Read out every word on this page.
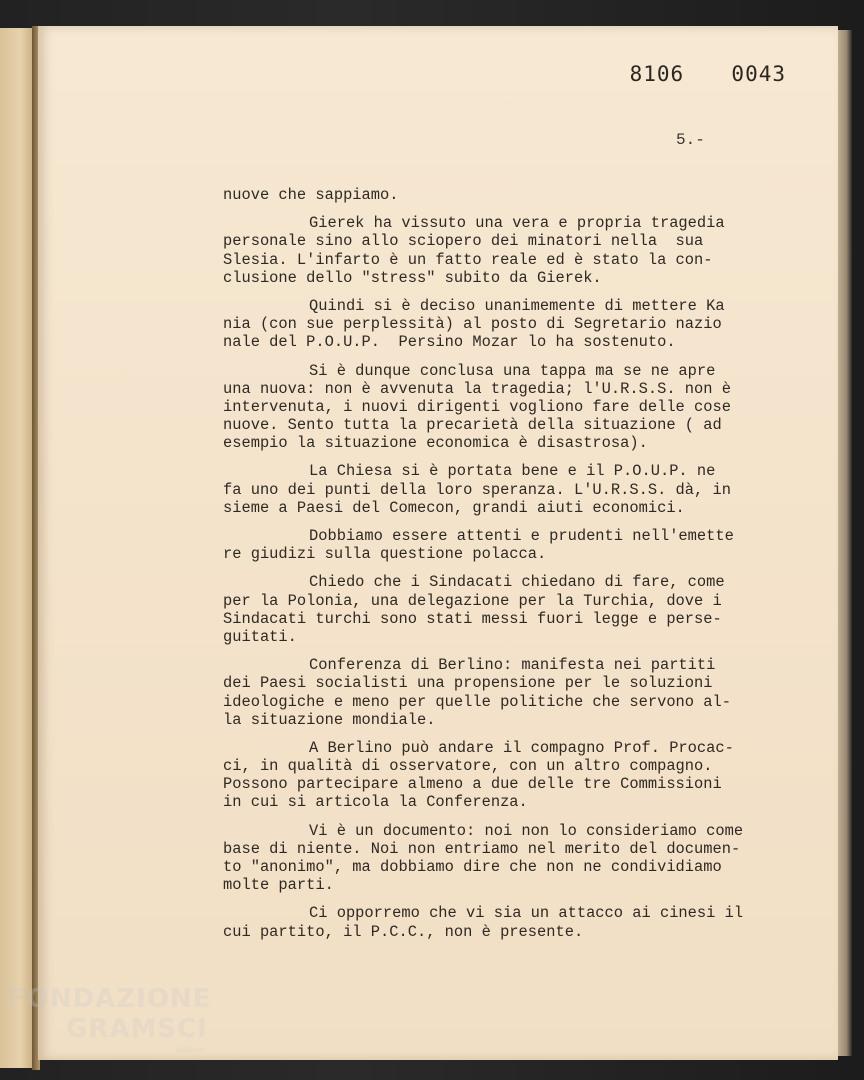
8106  0043
5.-
nuove che sappiamo.
Gierek ha vissuto una vera e propria tragedia
personale sino allo sciopero dei minatori nella  sua
Slesia. L'infarto è un fatto reale ed è stato la con-
clusione dello "stress" subito da Gierek.
Quindi si è deciso unanimemente di mettere Ka
nia (con sue perplessità) al posto di Segretario nazio
nale del P.O.U.P.  Persino Mozar lo ha sostenuto.
Si è dunque conclusa una tappa ma se ne apre
una nuova: non è avvenuta la tragedia; l'U.R.S.S. non è
intervenuta, i nuovi dirigenti vogliono fare delle cose
nuove. Sento tutta la precarietà della situazione ( ad
esempio la situazione economica è disastrosa).
La Chiesa si è portata bene e il P.O.U.P. ne
fa uno dei punti della loro speranza. L'U.R.S.S. dà, in
sieme a Paesi del Comecon, grandi aiuti economici.
Dobbiamo essere attenti e prudenti nell'emette
re giudizi sulla questione polacca.
Chiedo che i Sindacati chiedano di fare, come
per la Polonia, una delegazione per la Turchia, dove i
Sindacati turchi sono stati messi fuori legge e perse-
guitati.
Conferenza di Berlino: manifesta nei partiti
dei Paesi socialisti una propensione per le soluzioni
ideologiche e meno per quelle politiche che servono al-
la situazione mondiale.
A Berlino può andare il compagno Prof. Procac-
ci, in qualità di osservatore, con un altro compagno.
Possono partecipare almeno a due delle tre Commissioni
in cui si articola la Conferenza.
Vi è un documento: noi non lo consideriamo come
base di niente. Noi non entriamo nel merito del documen-
to "anonimo", ma dobbiamo dire che non ne condividiamo
molte parti.
Ci opporremo che vi sia un attacco ai cinesi il
cui partito, il P.C.C., non è presente.
FONDAZIONE
GRAMSCI
online
